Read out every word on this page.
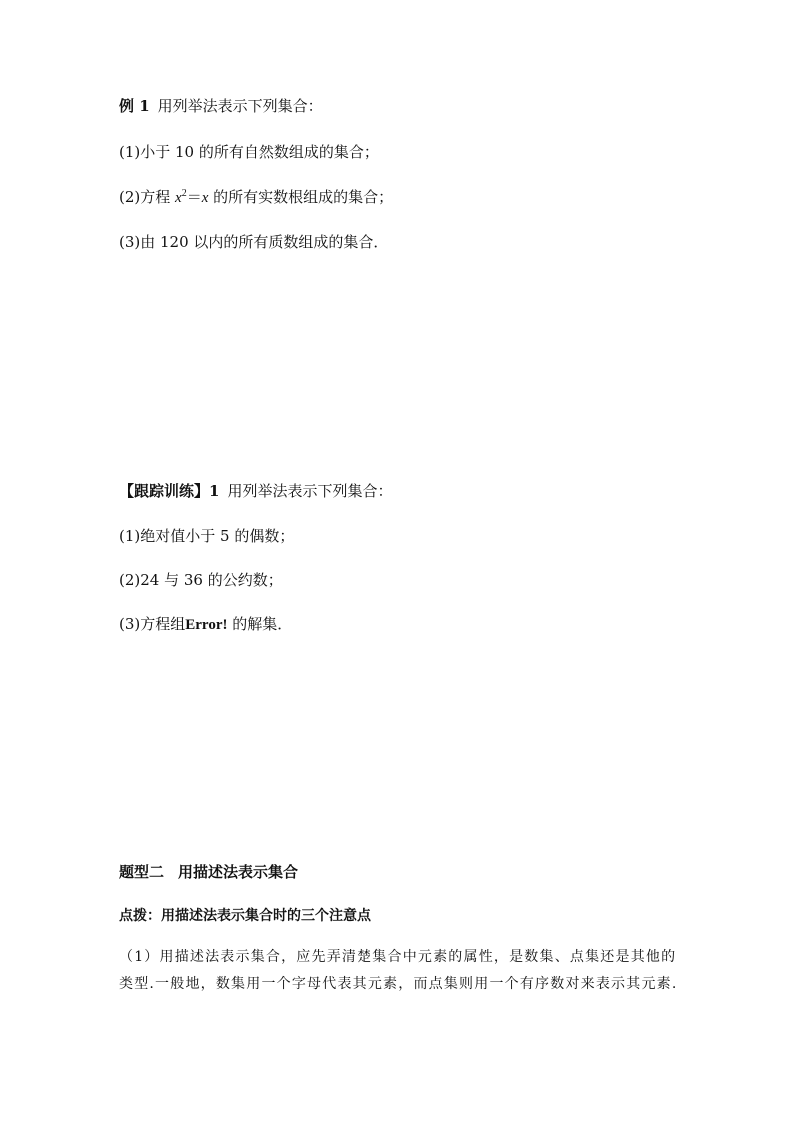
例 1 用列举法表示下列集合：
(1)小于 10 的所有自然数组成的集合；
(2)方程 $x^2=x$ 的所有实数根组成的集合；
(3)由 120 以内的所有质数组成的集合．
【跟踪训练】1 用列举法表示下列集合：
(1)绝对值小于 5 的偶数；
(2)24 与 36 的公约数；
(3)方程组Error! 的解集．
题型二 用描述法表示集合
点拨：用描述法表示集合时的三个注意点
（1）用描述法表示集合，应先弄清楚集合中元素的属性，是数集、点集还是其他的类型.一般地，数集用一个字母代表其元素，而点集则用一个有序数对来表示其元素.
